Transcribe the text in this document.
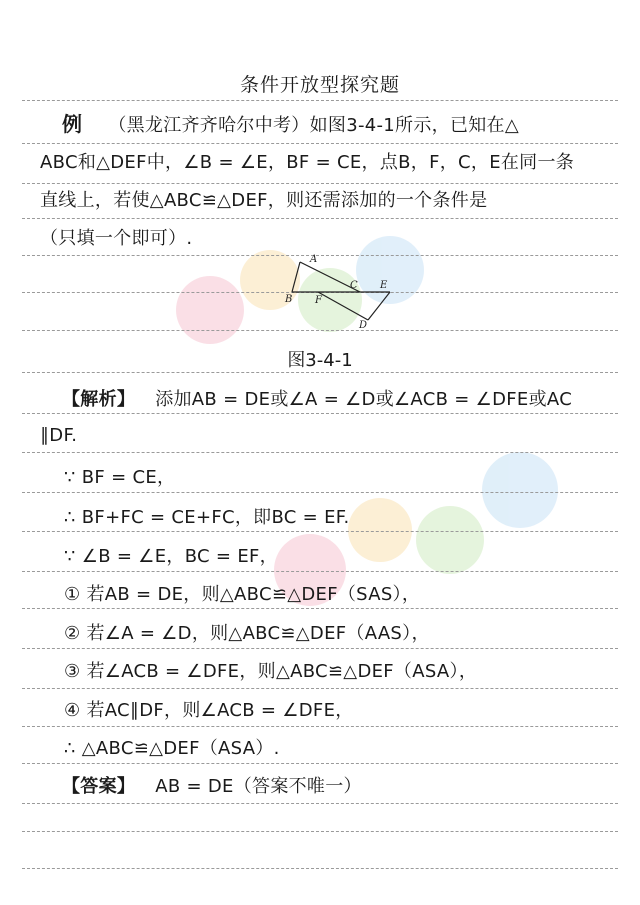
条件开放型探究题
例 （黑龙江齐齐哈尔中考）如图3-4-1所示，已知在△
ABC和△DEF中，∠B = ∠E，BF = CE，点B，F，C，E在同一条
直线上，若使△ABC≌△DEF，则还需添加的一个条件是
（只填一个即可）.
A
B F
C E
D
图3-4-1
【解析】 添加AB = DE或∠A = ∠D或∠ACB = ∠DFE或AC
∥DF.
∵ BF = CE，
∴ BF+FC = CE+FC，即BC = EF.
∵ ∠B = ∠E，BC = EF，
① 若AB = DE，则△ABC≌△DEF（SAS），
② 若∠A = ∠D，则△ABC≌△DEF（AAS），
③ 若∠ACB = ∠DFE，则△ABC≌△DEF（ASA），
④ 若AC∥DF，则∠ACB = ∠DFE，
∴ △ABC≌△DEF（ASA）.
【答案】 AB = DE（答案不唯一）
